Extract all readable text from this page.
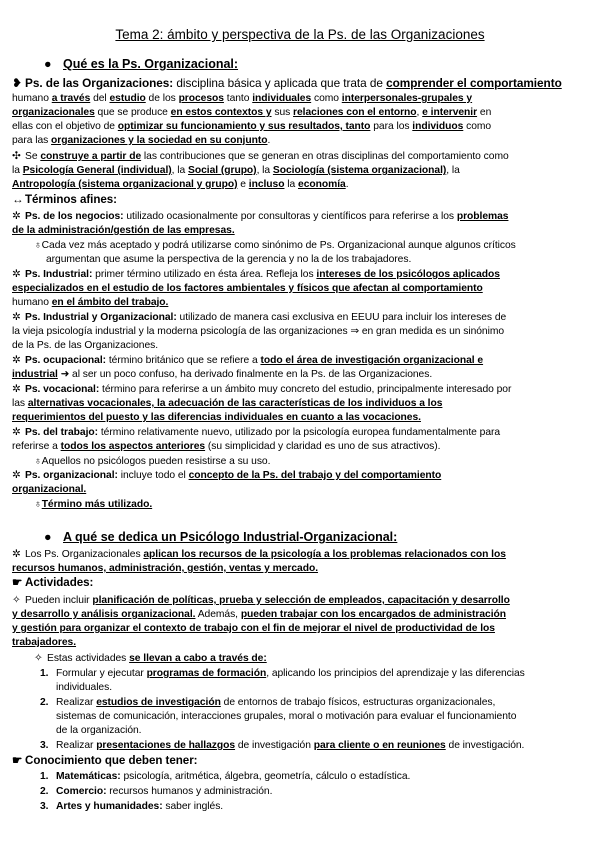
Tema 2: ámbito y perspectiva de la Ps. de las Organizaciones
● Qué es la Ps. Organizacional:
● A qué se dedica un Psicólogo Industrial-Organizacional:
❥ Ps. de las Organizaciones: disciplina básica y aplicada que trata de comprender el comportamiento
humano a través del estudio de los procesos tanto individuales como interpersonales-grupales y
organizacionales que se produce en estos contextos y sus relaciones con el entorno, e intervenir en
ellas con el objetivo de optimizar su funcionamiento y sus resultados, tanto para los individuos como
para las organizaciones y la sociedad en su conjunto.
✣ Se construye a partir de las contribuciones que se generan en otras disciplinas del comportamiento como
la Psicología General (individual), la Social (grupo), la Sociología (sistema organizacional), la
Antropología (sistema organizacional y grupo) e incluso la economía.
↔Términos afines:
✲ Ps. de los negocios: utilizado ocasionalmente por consultoras y científicos para referirse a los problemas
de la administración/gestión de las empresas.
♁Cada vez más aceptado y podrá utilizarse como sinónimo de Ps. Organizacional aunque algunos críticos
argumentan que asume la perspectiva de la gerencia y no la de los trabajadores.
✲ Ps. Industrial: primer término utilizado en ésta área. Refleja los intereses de los psicólogos aplicados
especializados en el estudio de los factores ambientales y físicos que afectan al comportamiento
humano en el ámbito del trabajo.
✲ Ps. Industrial y Organizacional: utilizado de manera casi exclusiva en EEUU para incluir los intereses de
la vieja psicología industrial y la moderna psicología de las organizaciones ⇒ en gran medida es un sinónimo
de la Ps. de las Organizaciones.
✲ Ps. ocupacional: término británico que se refiere a todo el área de investigación organizacional e
industrial ➜ al ser un poco confuso, ha derivado finalmente en la Ps. de las Organizaciones.
✲ Ps. vocacional: término para referirse a un ámbito muy concreto del estudio, principalmente interesado por
las alternativas vocacionales, la adecuación de las características de los individuos a los
requerimientos del puesto y las diferencias individuales en cuanto a las vocaciones.
✲ Ps. del trabajo: término relativamente nuevo, utilizado por la psicología europea fundamentalmente para
referirse a todos los aspectos anteriores (su simplicidad y claridad es uno de sus atractivos).
♁Aquellos no psicólogos pueden resistirse a su uso.
✲ Ps. organizacional: incluye todo el concepto de la Ps. del trabajo y del comportamiento
organizacional.
♁Término más utilizado.
✲ Los Ps. Organizacionales aplican los recursos de la psicología a los problemas relacionados con los
recursos humanos, administración, gestión, ventas y mercado.
☛ Actividades:
✧ Pueden incluir planificación de políticas, prueba y selección de empleados, capacitación y desarrollo
y desarrollo y análisis organizacional. Además, pueden trabajar con los encargados de administración
y gestión para organizar el contexto de trabajo con el fin de mejorar el nivel de productividad de los
trabajadores.
✧ Estas actividades se llevan a cabo a través de:
1. Formular y ejecutar programas de formación, aplicando los principios del aprendizaje y las diferencias
individuales.
2. Realizar estudios de investigación de entornos de trabajo físicos, estructuras organizacionales,
sistemas de comunicación, interacciones grupales, moral o motivación para evaluar el funcionamiento
de la organización.
3. Realizar presentaciones de hallazgos de investigación para cliente o en reuniones de investigación.
☛ Conocimiento que deben tener:
1. Matemáticas: psicología, aritmética, álgebra, geometría, cálculo o estadística.
2. Comercio: recursos humanos y administración.
3. Artes y humanidades: saber inglés.
